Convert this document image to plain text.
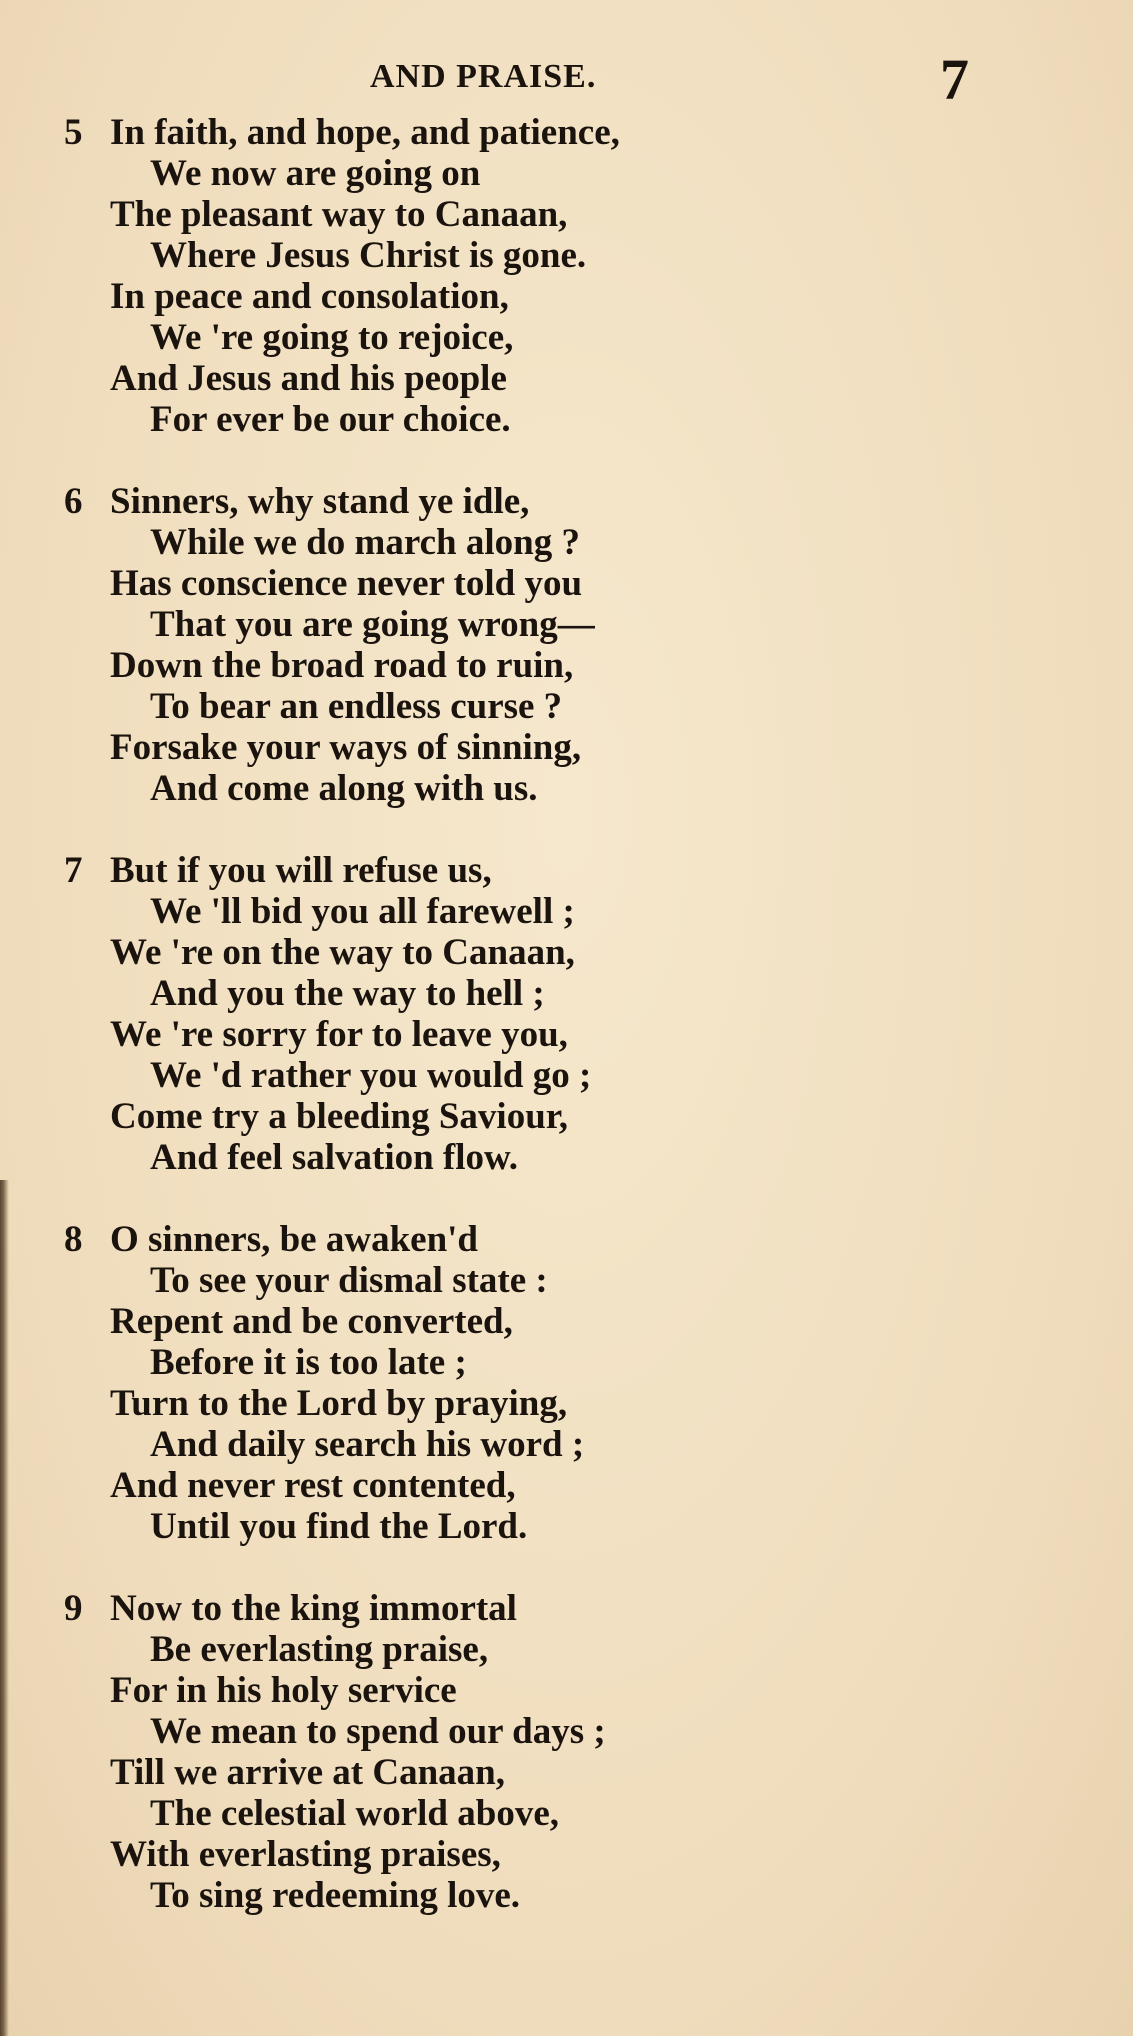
AND PRAISE.	7
5 In faith, and hope, and patience,
We now are going on
The pleasant way to Canaan,
Where Jesus Christ is gone.
In peace and consolation,
We 're going to rejoice,
And Jesus and his people
For ever be our choice.
6 Sinners, why stand ye idle,
While we do march along ?
Has conscience never told you
That you are going wrong—
Down the broad road to ruin,
To bear an endless curse ?
Forsake your ways of sinning,
And come along with us.
7 But if you will refuse us,
We 'll bid you all farewell ;
We 're on the way to Canaan,
And you the way to hell ;
We 're sorry for to leave you,
We 'd rather you would go ;
Come try a bleeding Saviour,
And feel salvation flow.
8 O sinners, be awaken'd
To see your dismal state :
Repent and be converted,
Before it is too late ;
Turn to the Lord by praying,
And daily search his word ;
And never rest contented,
Until you find the Lord.
9 Now to the king immortal
Be everlasting praise,
For in his holy service
We mean to spend our days ;
Till we arrive at Canaan,
The celestial world above,
With everlasting praises,
To sing redeeming love.
